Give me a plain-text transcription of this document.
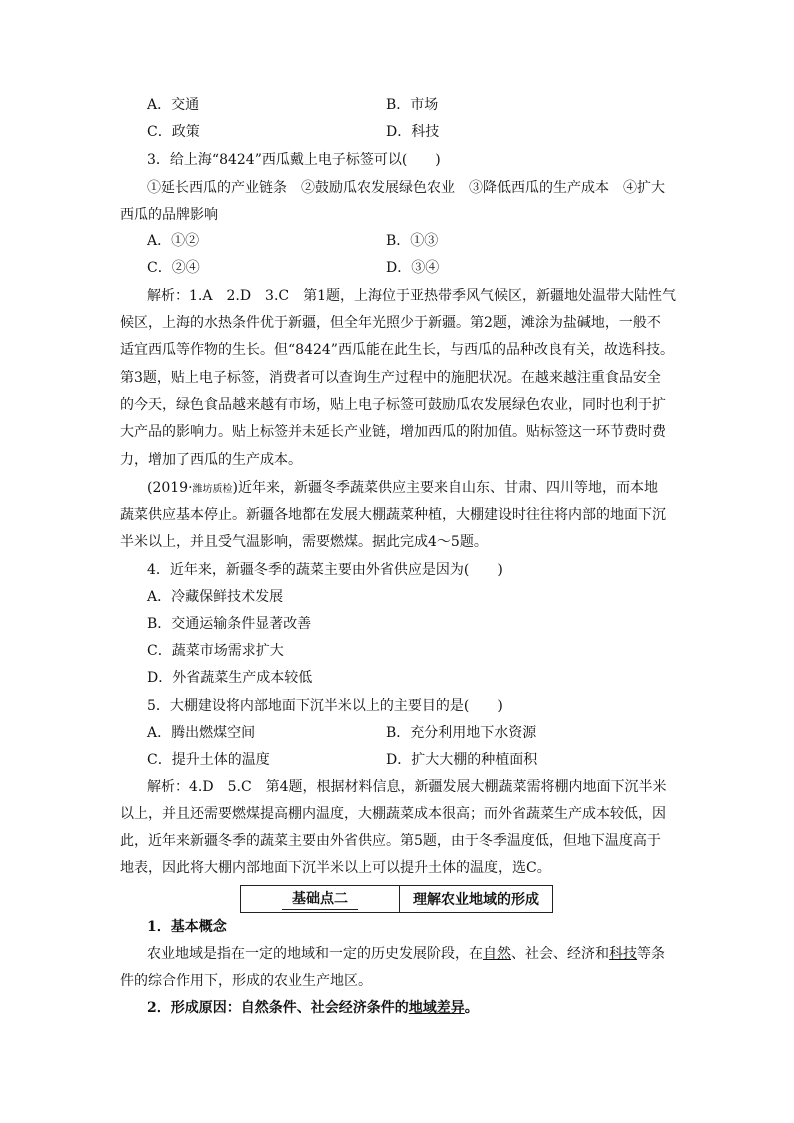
A．交通	B．市场
C．政策	D．科技
3．给上海“8424”西瓜戴上电子标签可以(　　)
①延长西瓜的产业链条　②鼓励瓜农发展绿色农业　③降低西瓜的生产成本　④扩大
西瓜的品牌影响
A．①②	B．①③
C．②④	D．③④
解析：1.A　2.D　3.C　第1题，上海位于亚热带季风气候区，新疆地处温带大陆性气
候区，上海的水热条件优于新疆，但全年光照少于新疆。第2题，滩涂为盐碱地，一般不
适宜西瓜等作物的生长。但“8424”西瓜能在此生长，与西瓜的品种改良有关，故选科技。
第3题，贴上电子标签，消费者可以查询生产过程中的施肥状况。在越来越注重食品安全
的今天，绿色食品越来越有市场，贴上电子标签可鼓励瓜农发展绿色农业，同时也利于扩
大产品的影响力。贴上标签并未延长产业链，增加西瓜的附加值。贴标签这一环节费时费
力，增加了西瓜的生产成本。
(2019·潍坊质检)近年来，新疆冬季蔬菜供应主要来自山东、甘肃、四川等地，而本地
蔬菜供应基本停止。新疆各地都在发展大棚蔬菜种植，大棚建设时往往将内部的地面下沉
半米以上，并且受气温影响，需要燃煤。据此完成4～5题。
4．近年来，新疆冬季的蔬菜主要由外省供应是因为(　　)
A．冷藏保鲜技术发展
B．交通运输条件显著改善
C．蔬菜市场需求扩大
D．外省蔬菜生产成本较低
5．大棚建设将内部地面下沉半米以上的主要目的是(　　)
A．腾出燃煤空间	B．充分利用地下水资源
C．提升土体的温度	D．扩大大棚的种植面积
解析：4.D　5.C　第4题，根据材料信息，新疆发展大棚蔬菜需将棚内地面下沉半米
以上，并且还需要燃煤提高棚内温度，大棚蔬菜成本很高；而外省蔬菜生产成本较低，因
此，近年来新疆冬季的蔬菜主要由外省供应。第5题，由于冬季温度低，但地下温度高于
地表，因此将大棚内部地面下沉半米以上可以提升土体的温度，选C。
基础点二	理解农业地域的形成
1．基本概念
农业地域是指在一定的地域和一定的历史发展阶段，在自然、社会、经济和科技等条
件的综合作用下，形成的农业生产地区。
2．形成原因：自然条件、社会经济条件的地域差异。
